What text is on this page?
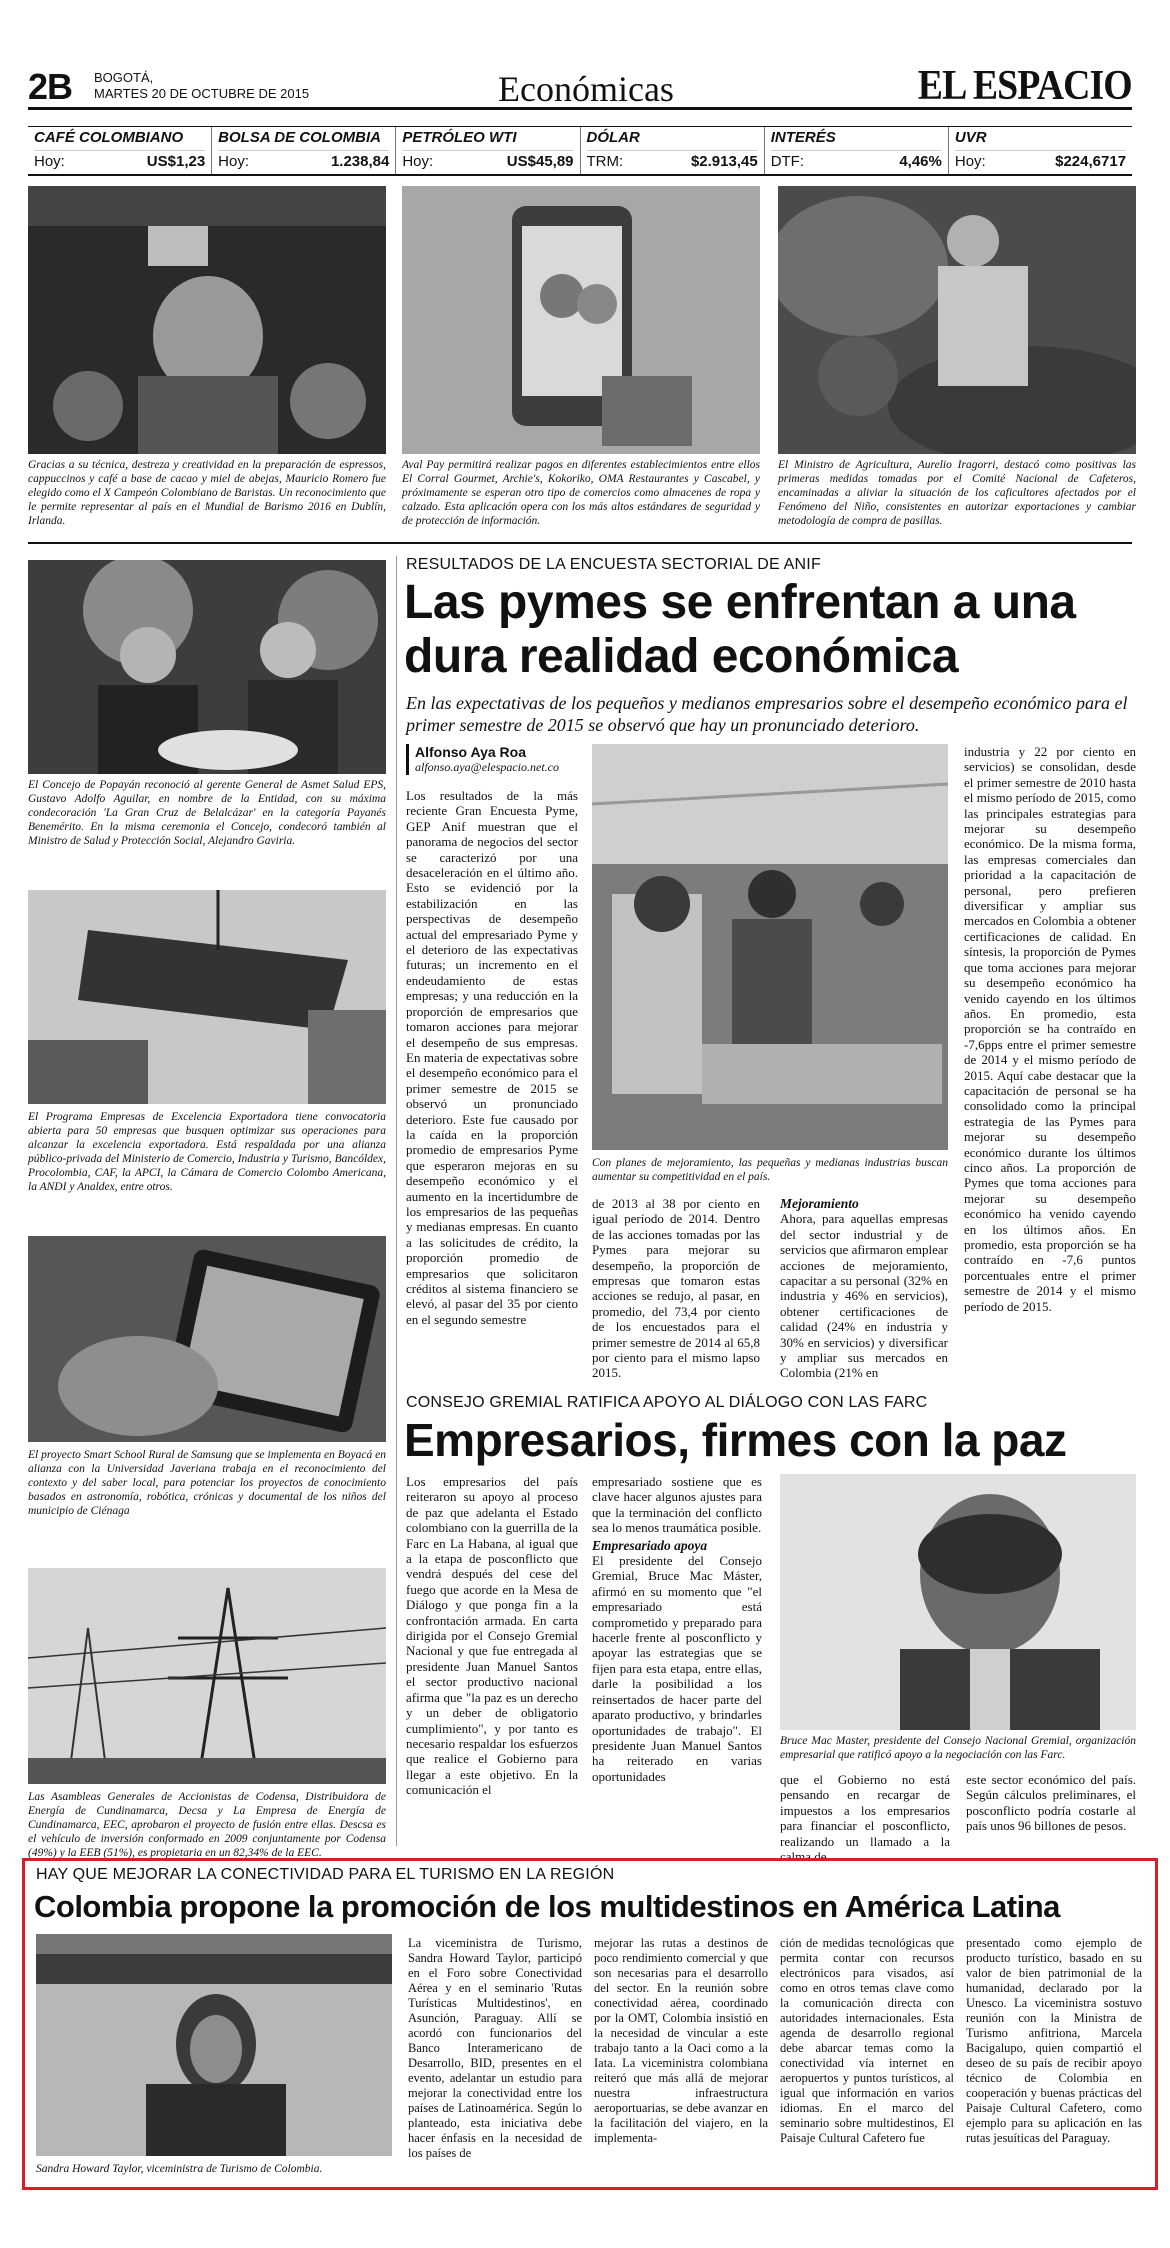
2B BOGOTÁ,
MARTES 20 DE OCTUBRE DE 2015	Económicas	EL ESPACIO
CAFÉ COLOMBIANO
Hoy:	US$1,23
BOLSA DE COLOMBIA
Hoy:	1.238,84
PETRÓLEO WTI
Hoy:	US$45,89
DÓLAR
TRM:	$2.913,45
INTERÉS
DTF:	4,46%
UVR
Hoy:	$224,6717
Gracias a su técnica, destreza y creatividad en la preparación de espressos, cappuccinos y café a base de cacao y miel de abejas, Mauricio Romero fue elegido como el X Campeón Colombiano de Baristas. Un reconocimiento que le permite representar al país en el Mundial de Barismo 2016 en Dublín, Irlanda.
Aval Pay permitirá realizar pagos en diferentes establecimientos entre ellos El Corral Gourmet, Archie's, Kokoriko, OMA Restaurantes y Cascabel, y próximamente se esperan otro tipo de comercios como almacenes de ropa y calzado. Esta aplicación opera con los más altos estándares de seguridad y de protección de información.
El Ministro de Agricultura, Aurelio Iragorri, destacó como positivas las primeras medidas tomadas por el Comité Nacional de Cafeteros, encaminadas a aliviar la situación de los caficultores afectados por el Fenómeno del Niño, consistentes en autorizar exportaciones y cambiar metodología de compra de pasillas.
El Concejo de Popayán reconoció al gerente General de Asmet Salud EPS, Gustavo Adolfo Aguilar, en nombre de la Entidad, con su máxima condecoración 'La Gran Cruz de Belalcázar' en la categoría Payanés Benemérito. En la misma ceremonia el Concejo, condecoró también al Ministro de Salud y Protección Social, Alejandro Gaviria.
El Programa Empresas de Excelencia Exportadora tiene convocatoria abierta para 50 empresas que busquen optimizar sus operaciones para alcanzar la excelencia exportadora. Está respaldada por una alianza público-privada del Ministerio de Comercio, Industria y Turismo, Bancóldex, Procolombia, CAF, la APCI, la Cámara de Comercio Colombo Americana, la ANDI y Analdex, entre otros.
El proyecto Smart School Rural de Samsung que se implementa en Boyacá en alianza con la Universidad Javeriana trabaja en el reconocimiento del contexto y del saber local, para potenciar los proyectos de conocimiento basados en astronomía, robótica, crónicas y documental de los niños del municipio de Ciénaga
Las Asambleas Generales de Accionistas de Codensa, Distribuidora de Energía de Cundinamarca, Decsa y La Empresa de Energía de Cundinamarca, EEC, aprobaron el proyecto de fusión entre ellas. Descsa es el vehículo de inversión conformado en 2009 conjuntamente por Codensa (49%) y la EEB (51%), es propietaria en un 82,34% de la EEC.
RESULTADOS DE LA ENCUESTA SECTORIAL DE ANIF
Las pymes se enfrentan a una dura realidad económica
En las expectativas de los pequeños y medianos empresarios sobre el desempeño económico para el primer semestre de 2015 se observó que hay un pronunciado deterioro.
Alfonso Aya Roa
alfonso.aya@elespacio.net.co
Los resultados de la más reciente Gran Encuesta Pyme, GEP Anif muestran que el panorama de negocios del sector se caracterizó por una desaceleración en el último año. Esto se evidenció por la estabilización en las perspectivas de desempeño actual del empresariado Pyme y el deterioro de las expectativas futuras; un incremento en el endeudamiento de estas empresas; y una reducción en la proporción de empresarios que tomaron acciones para mejorar el desempeño de sus empresas. En materia de expectativas sobre el desempeño económico para el primer semestre de 2015 se observó un pronunciado deterioro. Este fue causado por la caída en la proporción promedio de empresarios Pyme que esperaron mejoras en su desempeño económico y el aumento en la incertidumbre de los empresarios de las pequeñas y medianas empresas. En cuanto a las solicitudes de crédito, la proporción promedio de empresarios que solicitaron créditos al sistema financiero se elevó, al pasar del 35 por ciento en el segundo semestre
Con planes de mejoramiento, las pequeñas y medianas industrias buscan aumentar su competitividad en el país.
de 2013 al 38 por ciento en igual período de 2014. Dentro de las acciones tomadas por las Pymes para mejorar su desempeño, la proporción de empresas que tomaron estas acciones se redujo, al pasar, en promedio, del 73,4 por ciento de los encuestados para el primer semestre de 2014 al 65,8 por ciento para el mismo lapso 2015.
Mejoramiento
Ahora, para aquellas empresas del sector industrial y de servicios que afirmaron emplear acciones de mejoramiento, capacitar a su personal (32% en industria y 46% en servicios), obtener certificaciones de calidad (24% en industria y 30% en servicios) y diversificar y ampliar sus mercados en Colombia (21% en
industria y 22 por ciento en servicios) se consolidan, desde el primer semestre de 2010 hasta el mismo período de 2015, como las principales estrategias para mejorar su desempeño económico. De la misma forma, las empresas comerciales dan prioridad a la capacitación de personal, pero prefieren diversificar y ampliar sus mercados en Colombia a obtener certificaciones de calidad. En síntesis, la proporción de Pymes que toma acciones para mejorar su desempeño económico ha venido cayendo en los últimos años. En promedio, esta proporción se ha contraído en -7,6pps entre el primer semestre de 2014 y el mismo período de 2015. Aquí cabe destacar que la capacitación de personal se ha consolidado como la principal estrategia de las Pymes para mejorar su desempeño económico durante los últimos cinco años. La proporción de Pymes que toma acciones para mejorar su desempeño económico ha venido cayendo en los últimos años. En promedio, esta proporción se ha contraído en -7,6 puntos porcentuales entre el primer semestre de 2014 y el mismo período de 2015.
CONSEJO GREMIAL RATIFICA APOYO AL DIÁLOGO CON LAS FARC
Empresarios, firmes con la paz
Los empresarios del país reiteraron su apoyo al proceso de paz que adelanta el Estado colombiano con la guerrilla de la Farc en La Habana, al igual que a la etapa de posconflicto que vendrá después del cese del fuego que acorde en la Mesa de Diálogo y que ponga fin a la confrontación armada. En carta dirigida por el Consejo Gremial Nacional y que fue entregada al presidente Juan Manuel Santos el sector productivo nacional afirma que "la paz es un derecho y un deber de obligatorio cumplimiento", y por tanto es necesario respaldar los esfuerzos que realice el Gobierno para llegar a este objetivo. En la comunicación el
empresariado sostiene que es clave hacer algunos ajustes para que la terminación del conflicto sea lo menos traumática posible.
Empresariado apoya
El presidente del Consejo Gremial, Bruce Mac Máster, afirmó en su momento que "el empresariado está comprometido y preparado para hacerle frente al posconflicto y apoyar las estrategias que se fijen para esta etapa, entre ellas, darle la posibilidad a los reinsertados de hacer parte del aparato productivo, y brindarles oportunidades de trabajo". El presidente Juan Manuel Santos ha reiterado en varias oportunidades
Bruce Mac Master, presidente del Consejo Nacional Gremial, organización empresarial que ratificó apoyo a la negociación con las Farc.
que el Gobierno no está pensando en recargar de impuestos a los empresarios para financiar el posconflicto, realizando un llamado a la calma de
este sector económico del país. Según cálculos preliminares, el posconflicto podría costarle al país unos 96 billones de pesos.
HAY QUE MEJORAR LA CONECTIVIDAD PARA EL TURISMO EN LA REGIÓN
Colombia propone la promoción de los multidestinos en América Latina
Sandra Howard Taylor, viceministra de Turismo de Colombia.
La viceministra de Turismo, Sandra Howard Taylor, participó en el Foro sobre Conectividad Aérea y en el seminario 'Rutas Turísticas Multidestinos', en Asunción, Paraguay. Allí se acordó con funcionarios del Banco Interamericano de Desarrollo, BID, presentes en el evento, adelantar un estudio para mejorar la conectividad entre los países de Latinoamérica. Según lo planteado, esta iniciativa debe hacer énfasis en la necesidad de los países de
mejorar las rutas a destinos de poco rendimiento comercial y que son necesarias para el desarrollo del sector. En la reunión sobre conectividad aérea, coordinado por la OMT, Colombia insistió en la necesidad de vincular a este trabajo tanto a la Oaci como a la Iata. La viceministra colombiana reiteró que más allá de mejorar nuestra infraestructura aeroportuarias, se debe avanzar en la facilitación del viajero, en la implementa-
ción de medidas tecnológicas que permita contar con recursos electrónicos para visados, así como en otros temas clave como la comunicación directa con autoridades internacionales. Esta agenda de desarrollo regional debe abarcar temas como la conectividad vía internet en aeropuertos y puntos turísticos, al igual que información en varios idiomas. En el marco del seminario sobre multidestinos, El Paisaje Cultural Cafetero fue
presentado como ejemplo de producto turístico, basado en su valor de bien patrimonial de la humanidad, declarado por la Unesco. La viceministra sostuvo reunión con la Ministra de Turismo anfitriona, Marcela Bacigalupo, quien compartió el deseo de su país de recibir apoyo técnico de Colombia en cooperación y buenas prácticas del Paisaje Cultural Cafetero, como ejemplo para su aplicación en las rutas jesuíticas del Paraguay.
